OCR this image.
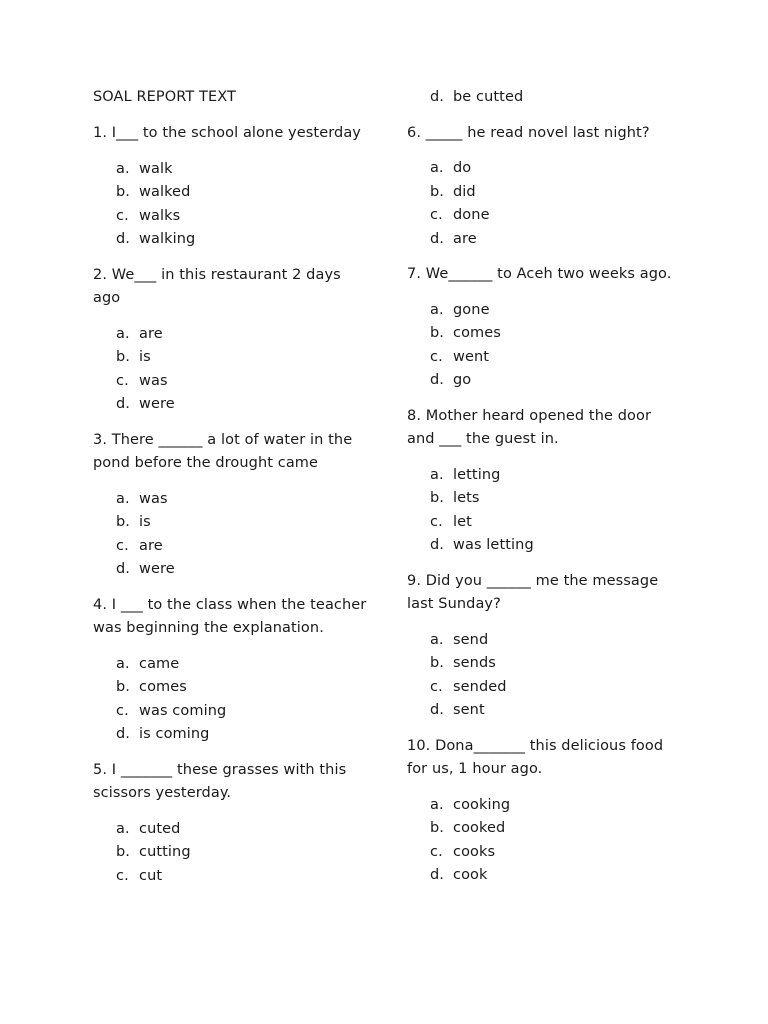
SOAL REPORT TEXT

1. I___ to the school alone yesterday

a. walk
b. walked
c. walks
d. walking

2. We___ in this restaurant 2 days ago

a. are
b. is
c. was
d. were

3. There ______ a lot of water in the pond before the drought came

a. was
b. is
c. are
d. were

4. I ___ to the class when the teacher was beginning the explanation.

a. came
b. comes
c. was coming
d. is coming

5. I _______ these grasses with this scissors yesterday.

a. cuted
b. cutting
c. cut
d. be cutted

6. _____ he read novel last night?

a. do
b. did
c. done
d. are

7. We______ to Aceh two weeks ago.

a. gone
b. comes
c. went
d. go

8. Mother heard opened the door and ___ the guest in.

a. letting
b. lets
c. let
d. was letting

9. Did you ______ me the message last Sunday?

a. send
b. sends
c. sended
d. sent

10. Dona_______ this delicious food for us, 1 hour ago.

a. cooking
b. cooked
c. cooks
d. cook
